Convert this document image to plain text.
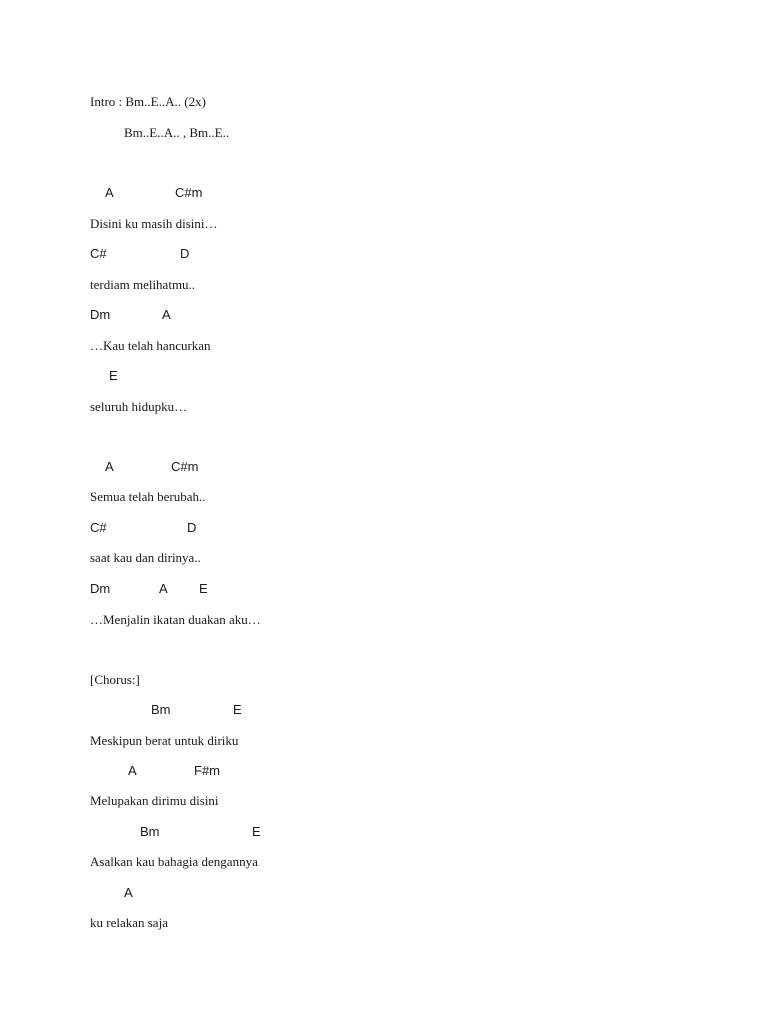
Intro : Bm..E..A.. (2x)
Bm..E..A.. , Bm..E..
A	C#m
Disini ku masih disini…
C#	D
terdiam melihatmu..
Dm	A
…Kau telah hancurkan
E
seluruh hidupku…
A	C#m
Semua telah berubah..
C#	D
saat kau dan dirinya..
Dm	A E
…Menjalin ikatan duakan aku…
[Chorus:]
Bm	E
Meskipun berat untuk diriku
A	F#m
Melupakan dirimu disini
Bm	E
Asalkan kau bahagia dengannya
A
ku relakan saja
